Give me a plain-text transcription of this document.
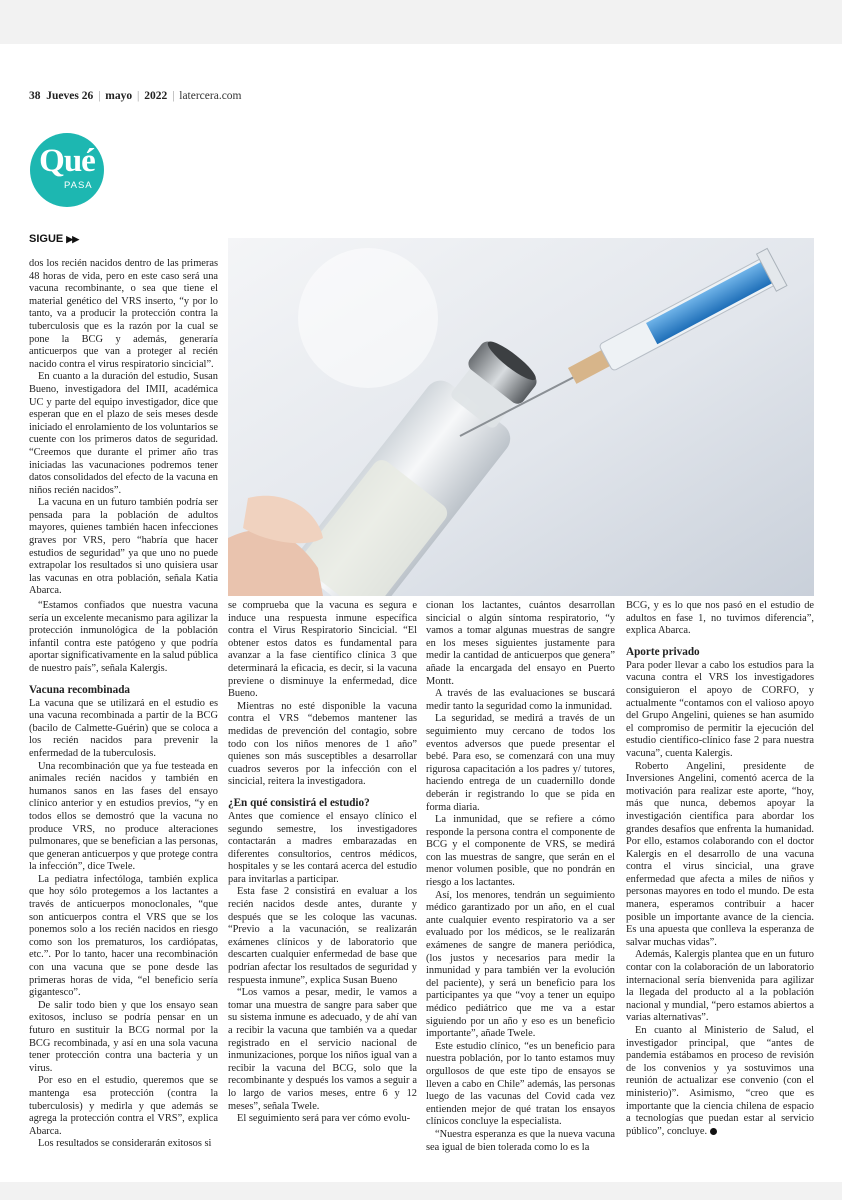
38 Jueves 26 | mayo | 2022 | latercera.com
Qué
PASA
SIGUE ▶▶

dos los recién nacidos dentro de las primeras 48 horas de vida, pero en este caso será una vacuna recombinante, o sea que tiene el material genético del VRS inserto, “y por lo tanto, va a producir la protección contra la tuberculosis que es la razón por la cual se pone la BCG y además, generaría anticuerpos que van a proteger al recién nacido contra el virus respiratorio sincicial”.

En cuanto a la duración del estudio, Susan Bueno, investigadora del IMII, académica UC y parte del equipo investigador, dice que esperan que en el plazo de seis meses desde iniciado el enrolamiento de los voluntarios se cuente con los primeros datos de seguridad. “Creemos que durante el primer año tras iniciadas las vacunaciones podremos tener datos consolidados del efecto de la vacuna en niños recién nacidos”.

La vacuna en un futuro también podría ser pensada para la población de adultos mayores, quienes también hacen infecciones graves por VRS, pero “habría que hacer estudios de seguridad” ya que uno no puede extrapolar los resultados si uno quisiera usar las vacunas en otra población, señala Katia Abarca.

“Estamos confiados que nuestra vacuna sería un excelente mecanismo para agilizar la protección inmunológica de la población infantil contra este patógeno y que podría aportar significativamente en la salud pública de nuestro país”, señala Kalergis.

Vacuna recombinada

La vacuna que se utilizará en el estudio es una vacuna recombinada a partir de la BCG (bacilo de Calmette-Guérin) que se coloca a los recién nacidos para prevenir la enfermedad de la tuberculosis.

Una recombinación que ya fue testeada en animales recién nacidos y también en humanos sanos en las fases del ensayo clínico anterior y en estudios previos, “y en todos ellos se demostró que la vacuna no produce VRS, no produce alteraciones pulmonares, que se benefician a las personas, que generan anticuerpos y que protege contra la infección”, dice Twele.

La pediatra infectóloga, también explica que hoy sólo protegemos a los lactantes a través de anticuerpos monoclonales, “que son anticuerpos contra el VRS que se los ponemos solo a los recién nacidos en riesgo como son los prematuros, los cardiópatas, etc.”. Por lo tanto, hacer una recombinación con una vacuna que se pone desde las primeras horas de vida, “el beneficio sería gigantesco”.

De salir todo bien y que los ensayo sean exitosos, incluso se podría pensar en un futuro en sustituir la BCG normal por la BCG recombinada, y así en una sola vacuna tener protección contra una bacteria y un virus.

Por eso en el estudio, queremos que se mantenga esa protección (contra la tuberculosis) y medirla y que además se agrega la protección contra el VRS”, explica Abarca.

Los resultados se considerarán exitosos si

se comprueba que la vacuna es segura e induce una respuesta inmune específica contra el Virus Respiratorio Sincicial. “El obtener estos datos es fundamental para avanzar a la fase científico clínica 3 que determinará la eficacia, es decir, si la vacuna previene o disminuye la enfermedad, dice Bueno.

Mientras no esté disponible la vacuna contra el VRS “debemos mantener las medidas de prevención del contagio, sobre todo con los niños menores de 1 año” quienes son más susceptibles a desarrollar cuadros severos por la infección con el sincicial, reitera la investigadora.

¿En qué consistirá el estudio?

Antes que comience el ensayo clínico el segundo semestre, los investigadores contactarán a madres embarazadas en diferentes consultorios, centros médicos, hospitales y se les contará acerca del estudio para invitarlas a participar.

Esta fase 2 consistirá en evaluar a los recién nacidos desde antes, durante y después que se les coloque las vacunas. “Previo a la vacunación, se realizarán exámenes clínicos y de laboratorio que descarten cualquier enfermedad de base que podrían afectar los resultados de seguridad y respuesta inmune”, explica Susan Bueno

“Los vamos a pesar, medir, le vamos a tomar una muestra de sangre para saber que su sistema inmune es adecuado, y de ahí van a recibir la vacuna que también va a quedar registrado en el servicio nacional de inmunizaciones, porque los niños igual van a recibir la vacuna del BCG, solo que la recombinante y después los vamos a seguir a lo largo de varios meses, entre 6 y 12 meses”, señala Twele.

El seguimiento será para ver cómo evolu-

cionan los lactantes, cuántos desarrollan sincicial o algún síntoma respiratorio, “y vamos a tomar algunas muestras de sangre en los meses siguientes justamente para medir la cantidad de anticuerpos que genera” añade la encargada del ensayo en Puerto Montt.

A través de las evaluaciones se buscará medir tanto la seguridad como la inmunidad.

La seguridad, se medirá a través de un seguimiento muy cercano de todos los eventos adversos que puede presentar el bebé. Para eso, se comenzará con una muy rigurosa capacitación a los padres y/ tutores, haciendo entrega de un cuadernillo donde deberán ir registrando lo que se pida en forma diaria.

La inmunidad, que se refiere a cómo responde la persona contra el componente de BCG y el componente de VRS, se medirá con las muestras de sangre, que serán en el menor volumen posible, que no pondrán en riesgo a los lactantes.

Así, los menores, tendrán un seguimiento médico garantizado por un año, en el cual ante cualquier evento respiratorio va a ser evaluado por los médicos, se le realizarán exámenes de sangre de manera periódica, (los justos y necesarios para medir la inmunidad y para también ver la evolución del paciente), y será un beneficio para los participantes ya que “voy a tener un equipo médico pediátrico que me va a estar siguiendo por un año y eso es un beneficio importante”, añade Twele.

Este estudio clínico, “es un beneficio para nuestra población, por lo tanto estamos muy orgullosos de que este tipo de ensayos se lleven a cabo en Chile” además, las personas luego de las vacunas del Covid cada vez entienden mejor de qué tratan los ensayos clínicos concluye la especialista.

“Nuestra esperanza es que la nueva vacuna sea igual de bien tolerada como lo es la

BCG, y es lo que nos pasó en el estudio de adultos en fase 1, no tuvimos diferencia”, explica Abarca.

Aporte privado

Para poder llevar a cabo los estudios para la vacuna contra el VRS los investigadores consiguieron el apoyo de CORFO, y actualmente “contamos con el valioso apoyo del Grupo Angelini, quienes se han asumido el compromiso de permitir la ejecución del estudio científico-clínico fase 2 para nuestra vacuna”, cuenta Kalergis.

Roberto Angelini, presidente de Inversiones Angelini, comentó acerca de la motivación para realizar este aporte, “hoy, más que nunca, debemos apoyar la investigación científica para abordar los grandes desafíos que enfrenta la humanidad. Por ello, estamos colaborando con el doctor Kalergis en el desarrollo de una vacuna contra el virus sincicial, una grave enfermedad que afecta a miles de niños y personas mayores en todo el mundo. De esta manera, esperamos contribuir a hacer posible un importante avance de la ciencia. Es una apuesta que conlleva la esperanza de salvar muchas vidas”.

Además, Kalergis plantea que en un futuro contar con la colaboración de un laboratorio internacional sería bienvenida para agilizar la llegada del producto al a la población nacional y mundial, “pero estamos abiertos a varias alternativas”.

En cuanto al Ministerio de Salud, el investigador principal, que “antes de pandemia estábamos en proceso de revisión de los convenios y ya sostuvimos una reunión de actualizar ese convenio (con el ministerio)”. Asimismo, “creo que es importante que la ciencia chilena de espacio a tecnologías que puedan estar al servicio público”, concluye.
